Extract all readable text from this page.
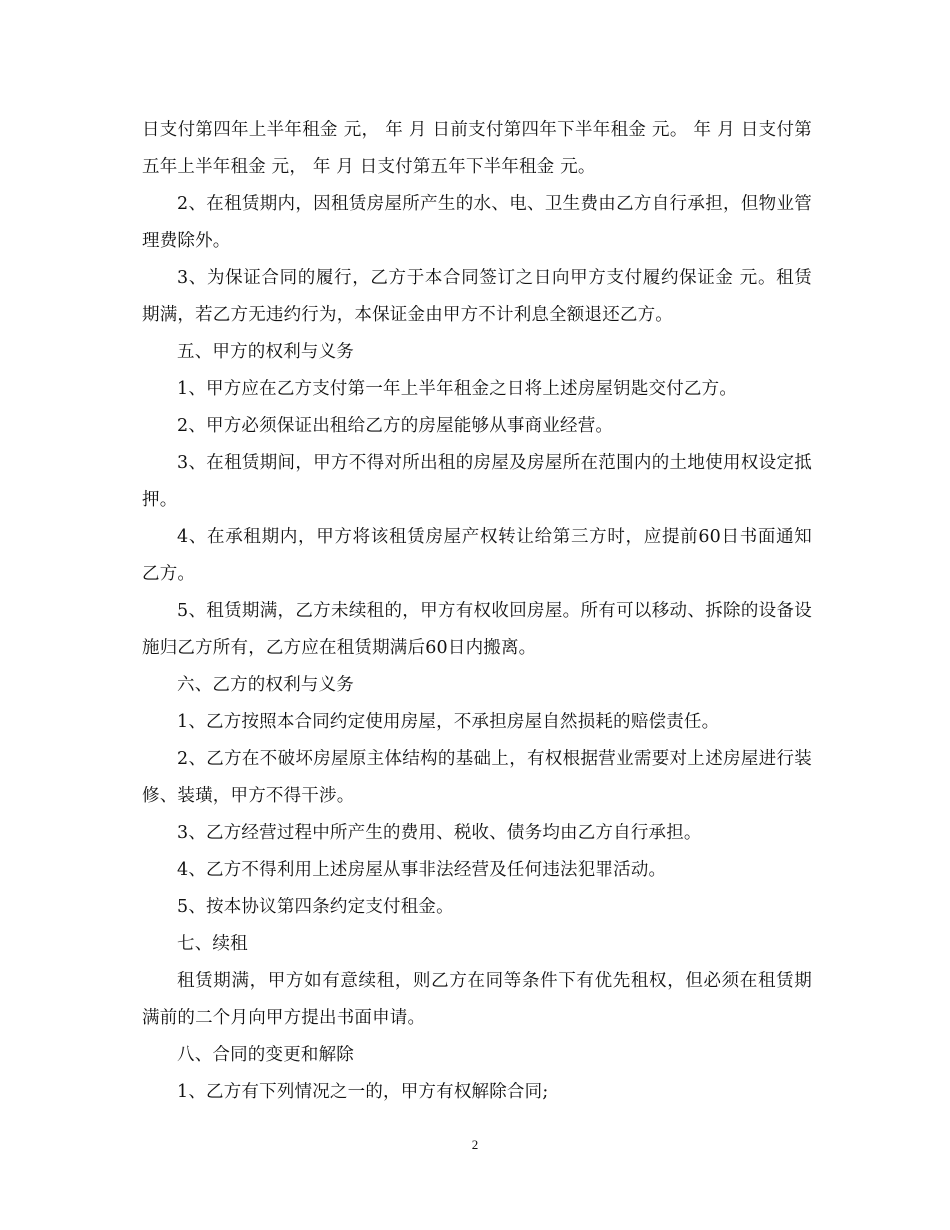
日支付第四年上半年租金 元， 年 月 日前支付第四年下半年租金 元。 年 月 日支付第五年上半年租金 元， 年 月 日支付第五年下半年租金 元。

2、在租赁期内，因租赁房屋所产生的水、电、卫生费由乙方自行承担，但物业管理费除外。

3、为保证合同的履行，乙方于本合同签订之日向甲方支付履约保证金 元。租赁期满，若乙方无违约行为，本保证金由甲方不计利息全额退还乙方。

五、甲方的权利与义务

1、甲方应在乙方支付第一年上半年租金之日将上述房屋钥匙交付乙方。

2、甲方必须保证出租给乙方的房屋能够从事商业经营。

3、在租赁期间，甲方不得对所出租的房屋及房屋所在范围内的土地使用权设定抵押。

4、在承租期内，甲方将该租赁房屋产权转让给第三方时，应提前60日书面通知乙方。

5、租赁期满，乙方未续租的，甲方有权收回房屋。所有可以移动、拆除的设备设施归乙方所有，乙方应在租赁期满后60日内搬离。

六、乙方的权利与义务

1、乙方按照本合同约定使用房屋，不承担房屋自然损耗的赔偿责任。

2、乙方在不破坏房屋原主体结构的基础上，有权根据营业需要对上述房屋进行装修、装璜，甲方不得干涉。

3、乙方经营过程中所产生的费用、税收、债务均由乙方自行承担。

4、乙方不得利用上述房屋从事非法经营及任何违法犯罪活动。

5、按本协议第四条约定支付租金。

七、续租

租赁期满，甲方如有意续租，则乙方在同等条件下有优先租权，但必须在租赁期满前的二个月向甲方提出书面申请。

八、合同的变更和解除

1、乙方有下列情况之一的，甲方有权解除合同;

2
